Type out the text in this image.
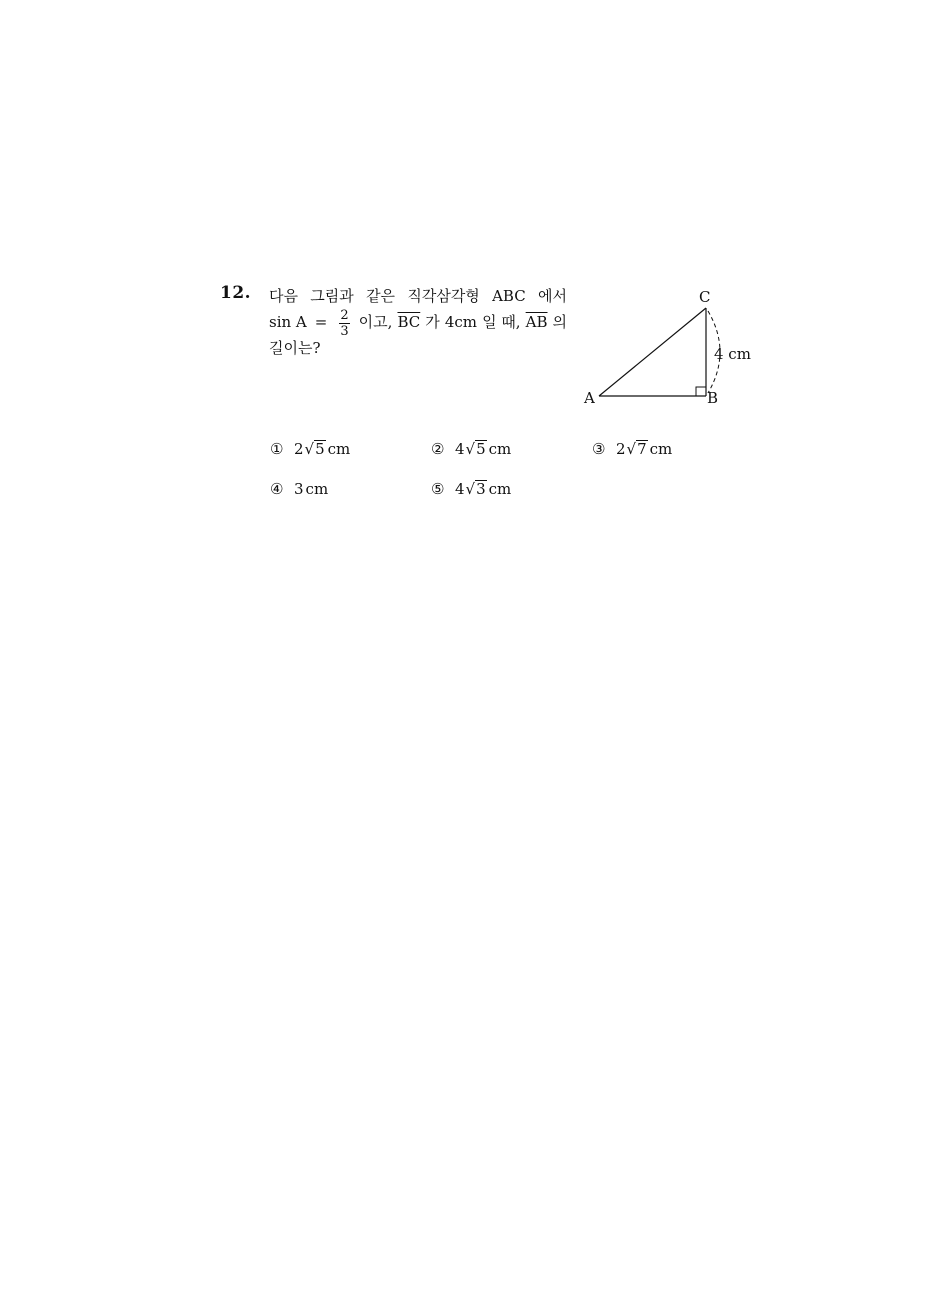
12. 다음 그림과 같은 직각삼각형 ABC 에서
$\sin A = \frac{2}{3}$ 이고, $\overline{BC}$ 가 4cm 일 때, $\overline{AB}$ 의
길이는?
A	B
C
4 cm
① 2 √ 5 cm	② 4 √ 5 cm	③ 2 √ 7 cm
④ 3 cm	⑤ 4 √ 3 cm
